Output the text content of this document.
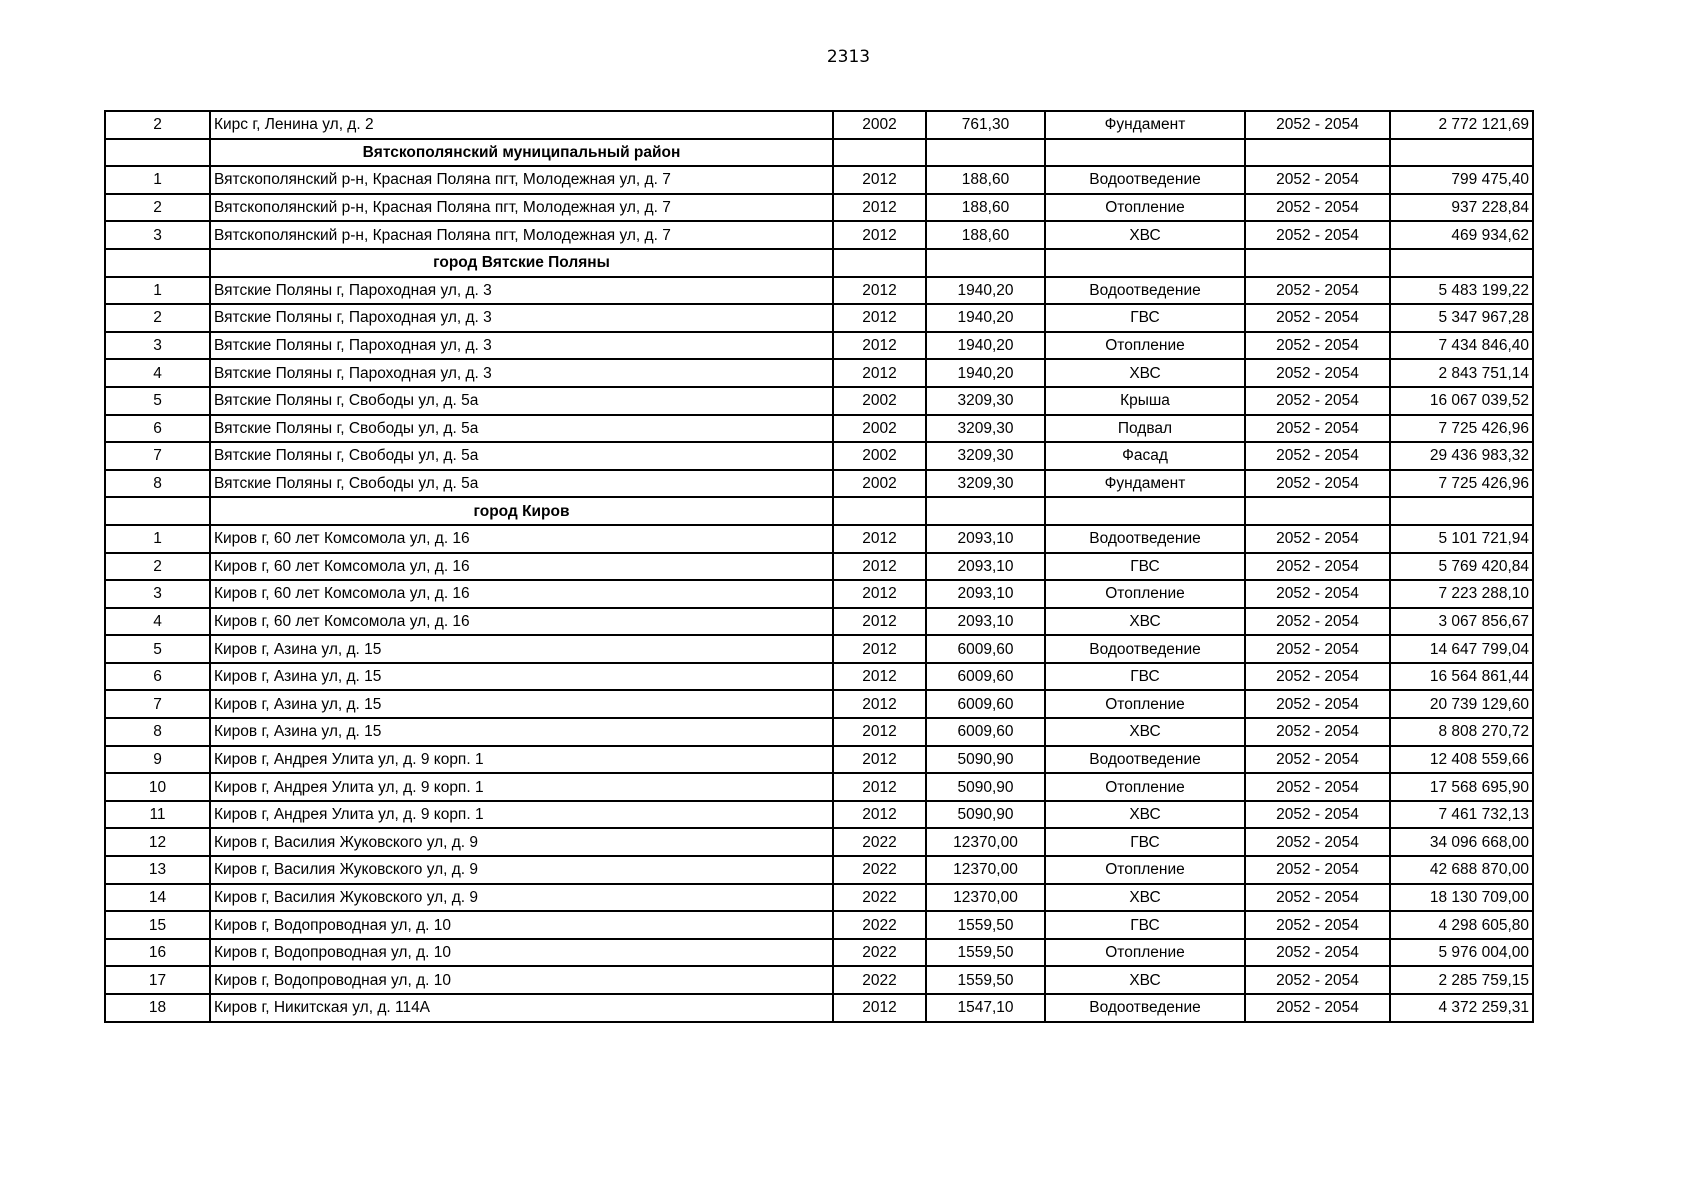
2313
2	Кирс г, Ленина ул, д. 2	2002	761,30	Фундамент	2052 - 2054	2 772 121,69
	Вятскополянский муниципальный район					
1	Вятскополянский р-н, Красная Поляна пгт, Молодежная ул, д. 7	2012	188,60	Водоотведение	2052 - 2054	799 475,40
2	Вятскополянский р-н, Красная Поляна пгт, Молодежная ул, д. 7	2012	188,60	Отопление	2052 - 2054	937 228,84
3	Вятскополянский р-н, Красная Поляна пгт, Молодежная ул, д. 7	2012	188,60	ХВС	2052 - 2054	469 934,62
	город Вятские Поляны					
1	Вятские Поляны г, Пароходная ул, д. 3	2012	1940,20	Водоотведение	2052 - 2054	5 483 199,22
2	Вятские Поляны г, Пароходная ул, д. 3	2012	1940,20	ГВС	2052 - 2054	5 347 967,28
3	Вятские Поляны г, Пароходная ул, д. 3	2012	1940,20	Отопление	2052 - 2054	7 434 846,40
4	Вятские Поляны г, Пароходная ул, д. 3	2012	1940,20	ХВС	2052 - 2054	2 843 751,14
5	Вятские Поляны г, Свободы ул, д. 5а	2002	3209,30	Крыша	2052 - 2054	16 067 039,52
6	Вятские Поляны г, Свободы ул, д. 5а	2002	3209,30	Подвал	2052 - 2054	7 725 426,96
7	Вятские Поляны г, Свободы ул, д. 5а	2002	3209,30	Фасад	2052 - 2054	29 436 983,32
8	Вятские Поляны г, Свободы ул, д. 5а	2002	3209,30	Фундамент	2052 - 2054	7 725 426,96
	город Киров					
1	Киров г, 60 лет Комсомола ул, д. 16	2012	2093,10	Водоотведение	2052 - 2054	5 101 721,94
2	Киров г, 60 лет Комсомола ул, д. 16	2012	2093,10	ГВС	2052 - 2054	5 769 420,84
3	Киров г, 60 лет Комсомола ул, д. 16	2012	2093,10	Отопление	2052 - 2054	7 223 288,10
4	Киров г, 60 лет Комсомола ул, д. 16	2012	2093,10	ХВС	2052 - 2054	3 067 856,67
5	Киров г, Азина ул, д. 15	2012	6009,60	Водоотведение	2052 - 2054	14 647 799,04
6	Киров г, Азина ул, д. 15	2012	6009,60	ГВС	2052 - 2054	16 564 861,44
7	Киров г, Азина ул, д. 15	2012	6009,60	Отопление	2052 - 2054	20 739 129,60
8	Киров г, Азина ул, д. 15	2012	6009,60	ХВС	2052 - 2054	8 808 270,72
9	Киров г, Андрея Улита ул, д. 9 корп. 1	2012	5090,90	Водоотведение	2052 - 2054	12 408 559,66
10	Киров г, Андрея Улита ул, д. 9 корп. 1	2012	5090,90	Отопление	2052 - 2054	17 568 695,90
11	Киров г, Андрея Улита ул, д. 9 корп. 1	2012	5090,90	ХВС	2052 - 2054	7 461 732,13
12	Киров г, Василия Жуковского ул, д. 9	2022	12370,00	ГВС	2052 - 2054	34 096 668,00
13	Киров г, Василия Жуковского ул, д. 9	2022	12370,00	Отопление	2052 - 2054	42 688 870,00
14	Киров г, Василия Жуковского ул, д. 9	2022	12370,00	ХВС	2052 - 2054	18 130 709,00
15	Киров г, Водопроводная ул, д. 10	2022	1559,50	ГВС	2052 - 2054	4 298 605,80
16	Киров г, Водопроводная ул, д. 10	2022	1559,50	Отопление	2052 - 2054	5 976 004,00
17	Киров г, Водопроводная ул, д. 10	2022	1559,50	ХВС	2052 - 2054	2 285 759,15
18	Киров г, Никитская ул, д. 114А	2012	1547,10	Водоотведение	2052 - 2054	4 372 259,31
